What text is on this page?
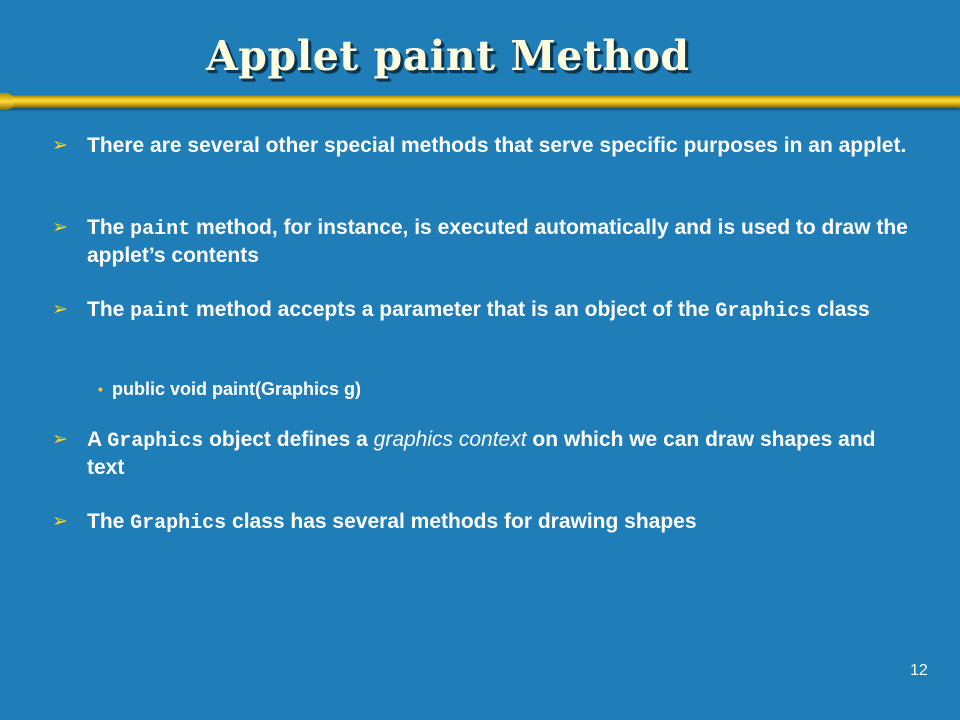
Applet paint Method
➢ There are several other special methods that serve specific purposes in an applet.
➢ The paint method, for instance, is executed automatically and is used to draw the applet’s contents
➢ The paint method accepts a parameter that is an object of the Graphics class
• public void paint(Graphics g)
➢ A Graphics object defines a graphics context on which we can draw shapes and text
➢ The Graphics class has several methods for drawing shapes
12
